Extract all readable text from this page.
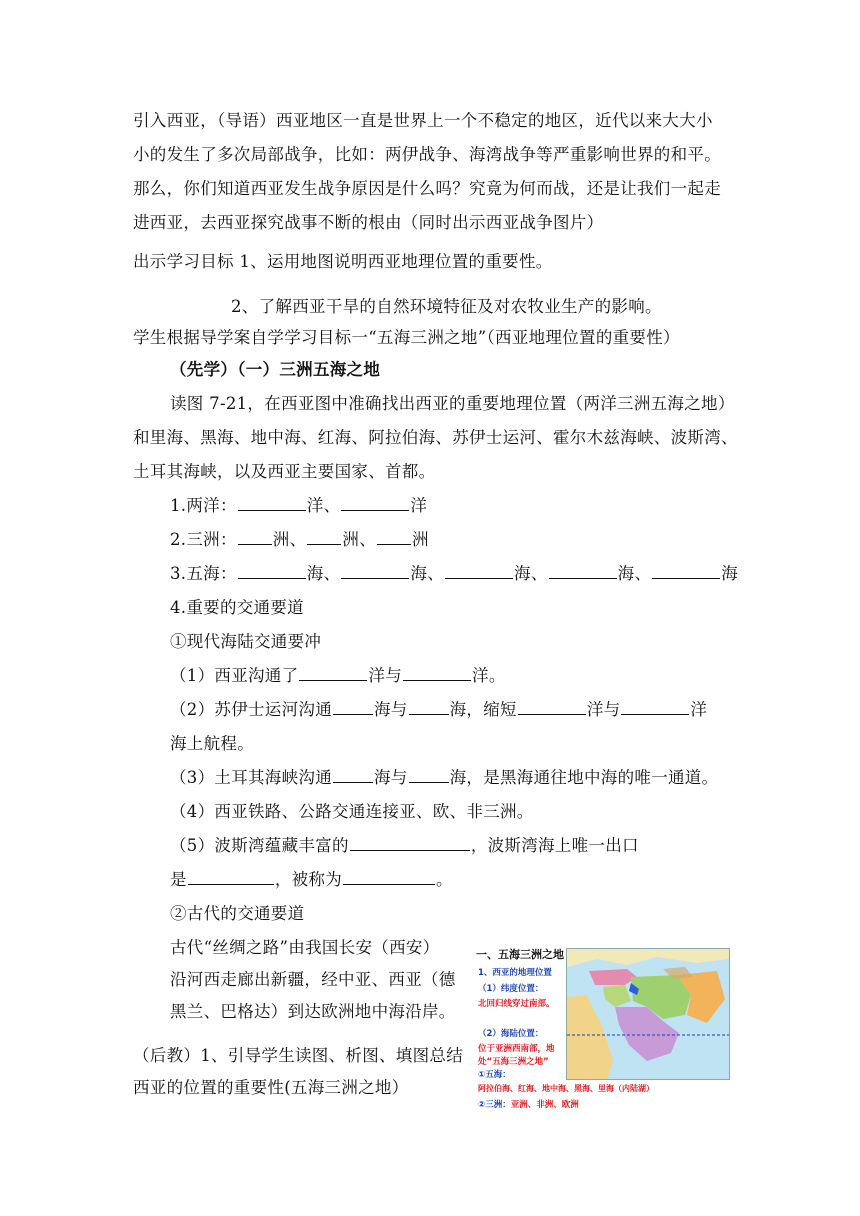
引入西亚，（导语）西亚地区一直是世界上一个不稳定的地区，近代以来大大小
小的发生了多次局部战争，比如：两伊战争、海湾战争等严重影响世界的和平。
那么，你们知道西亚发生战争原因是什么吗？究竟为何而战，还是让我们一起走
进西亚，去西亚探究战事不断的根由（同时出示西亚战争图片）
出示学习目标 1、运用地图说明西亚地理位置的重要性。
2、了解西亚干旱的自然环境特征及对农牧业生产的影响。
学生根据导学案自学学习目标一“五海三洲之地”（西亚地理位置的重要性）
（先学）（一）三洲五海之地
读图 7-21，在西亚图中准确找出西亚的重要地理位置（两洋三洲五海之地）
和里海、黑海、地中海、红海、阿拉伯海、苏伊士运河、霍尔木兹海峡、波斯湾、
土耳其海峡，以及西亚主要国家、首都。
1.两洋：	洋、	洋
2.三洲： 洲、 洲、 洲
3.五海：	海、	海、	海、	海、	海
4.重要的交通要道
①现代海陆交通要冲
（1）西亚沟通了	洋与	洋。
（2）苏伊士运河沟通	海与	海，缩短	洋与	洋
海上航程。
（3）土耳其海峡沟通	海与	海，是黑海通往地中海的唯一通道。
（4）西亚铁路、公路交通连接亚、欧、非三洲。
（5）波斯湾蕴藏丰富的	，波斯湾海上唯一出口
是	，被称为	。
②古代的交通要道
古代“丝绸之路”由我国长安（西安）
沿河西走廊出新疆，经中亚、西亚（德
黑兰、巴格达）到达欧洲地中海沿岸。
（后教）1、引导学生读图、析图、填图总结
西亚的位置的重要性(五海三洲之地）
一、五海三洲之地
1、西亚的地理位置
（1）纬度位置：
北回归线穿过南部。
（2）海陆位置：
位于亚洲西南部，地
处“五海三洲之地”
①五海：
阿拉伯海、红海、地中海、黑海、里海（内陆湖）
②三洲：亚洲、非洲、欧洲
